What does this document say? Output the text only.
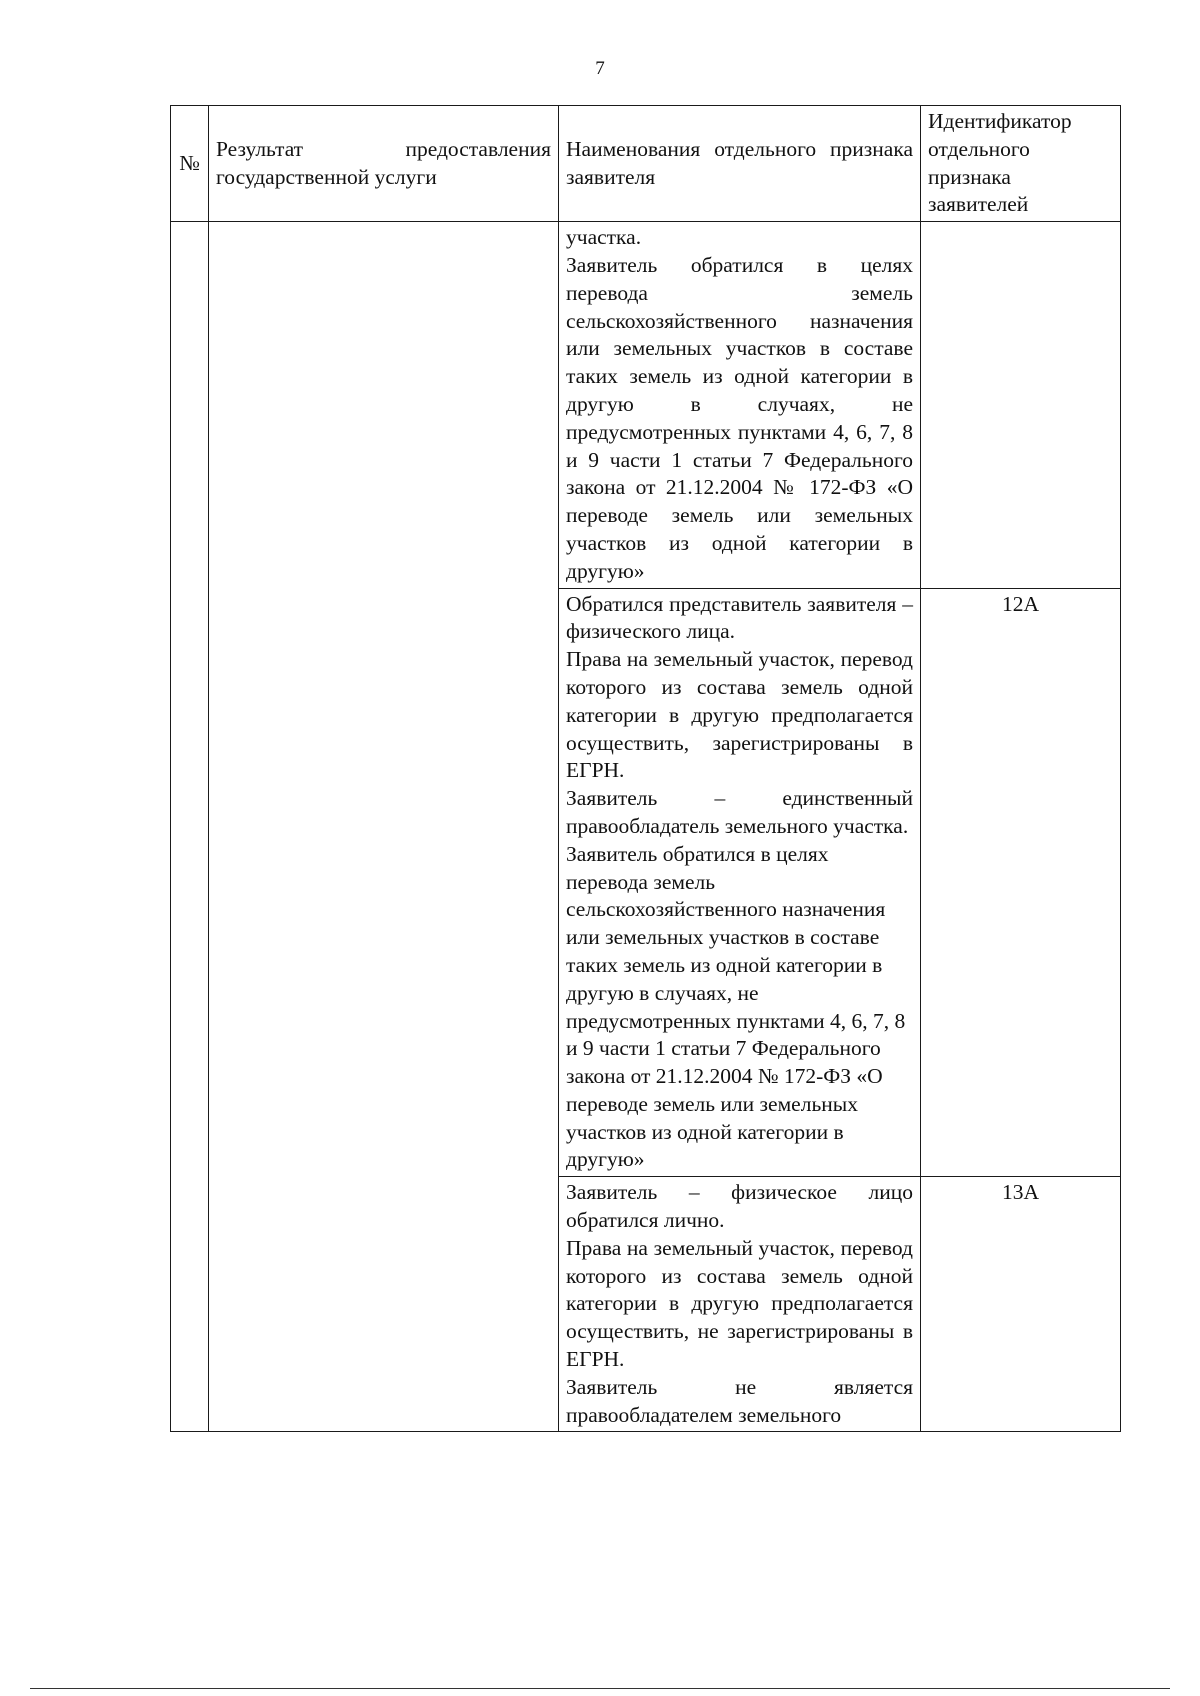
7
№	Результат предоставления государственной услуги	Наименования отдельного признака заявителя	Идентификатор отдельного признака заявителей

		участка.

Заявитель обратился в целях перевода земель сельскохозяйственного назначения или земельных участков в составе таких земель из одной категории в другую в случаях, не предусмотренных пунктами 4, 6, 7, 8 и 9 части 1 статьи 7 Федерального закона от 21.12.2004 № 172-ФЗ «О переводе земель или земельных участков из одной категории в другую»	

		Обратился представитель заявителя – физического лица.

Права на земельный участок, перевод которого из состава земель одной категории в другую предполагается осуществить, зарегистрированы в ЕГРН.

Заявитель – единственный правообладатель земельного участка.

Заявитель обратился в целях перевода земель сельскохозяйственного назначения или земельных участков в составе таких земель из одной категории в другую в случаях, не предусмотренных пунктами 4, 6, 7, 8 и 9 части 1 статьи 7 Федерального закона от 21.12.2004 № 172-ФЗ «О переводе земель или земельных участков из одной категории в другую»	12А

		Заявитель – физическое лицо обратился лично.

Права на земельный участок, перевод которого из состава земель одной категории в другую предполагается осуществить, не зарегистрированы в ЕГРН.

Заявитель не является правообладателем земельного	13А
